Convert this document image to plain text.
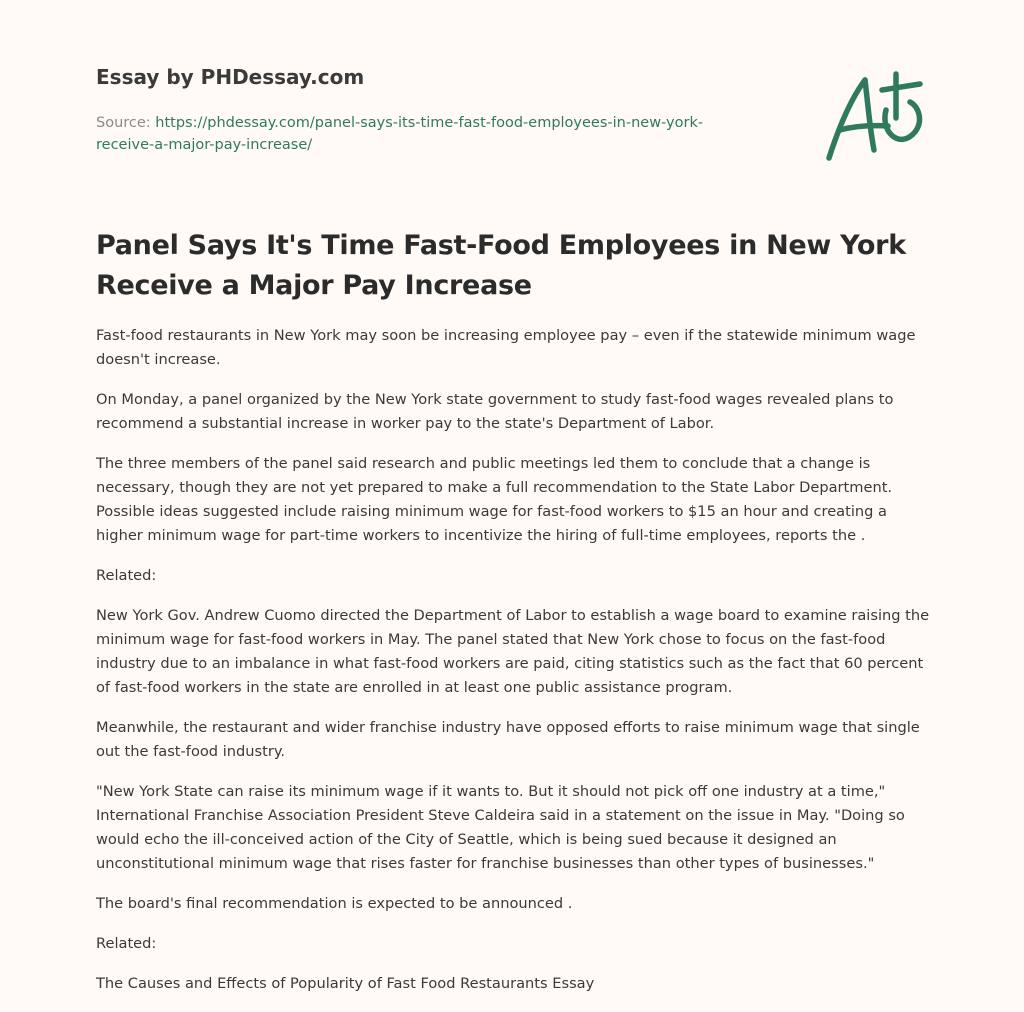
Essay by PHDessay.com
Source: https://phdessay.com/panel-says-its-time-fast-food-employees-in-new-york-
receive-a-major-pay-increase/
Panel Says It's Time Fast-Food Employees in New York Receive a Major Pay Increase

Fast-food restaurants in New York may soon be increasing employee pay – even if the statewide minimum wage doesn't increase.

On Monday, a panel organized by the New York state government to study fast-food wages revealed plans to recommend a substantial increase in worker pay to the state's Department of Labor.

The three members of the panel said research and public meetings led them to conclude that a change is necessary, though they are not yet prepared to make a full recommendation to the State Labor Department. Possible ideas suggested include raising minimum wage for fast-food workers to $15 an hour and creating a higher minimum wage for part-time workers to incentivize the hiring of full-time employees, reports the .

Related:

New York Gov. Andrew Cuomo directed the Department of Labor to establish a wage board to examine raising the minimum wage for fast-food workers in May. The panel stated that New York chose to focus on the fast-food industry due to an imbalance in what fast-food workers are paid, citing statistics such as the fact that 60 percent of fast-food workers in the state are enrolled in at least one public assistance program.

Meanwhile, the restaurant and wider franchise industry have opposed efforts to raise minimum wage that single out the fast-food industry.

"New York State can raise its minimum wage if it wants to. But it should not pick off one industry at a time," International Franchise Association President Steve Caldeira said in a statement on the issue in May. "Doing so would echo the ill-conceived action of the City of Seattle, which is being sued because it designed an unconstitutional minimum wage that rises faster for franchise businesses than other types of businesses."

The board's final recommendation is expected to be announced .

Related:

The Causes and Effects of Popularity of Fast Food Restaurants Essay
